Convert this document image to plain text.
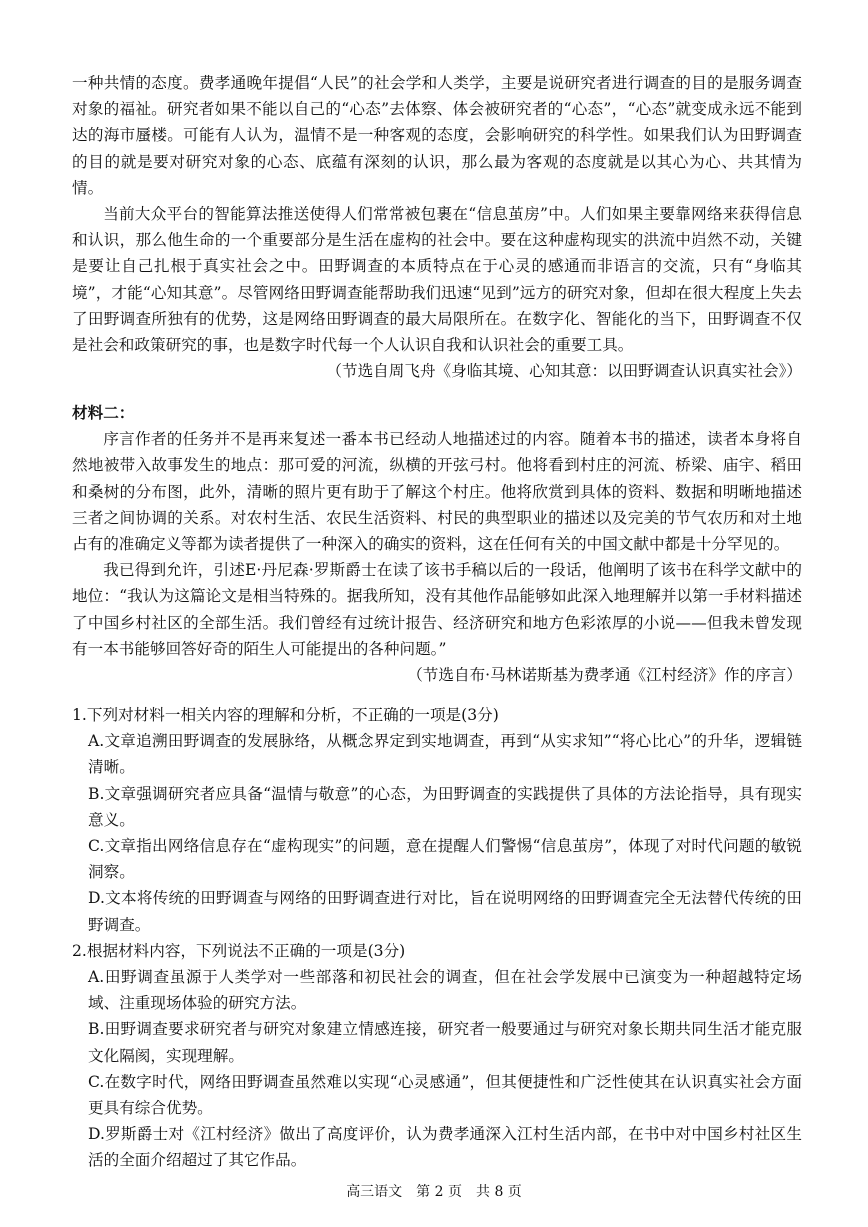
一种共情的态度。费孝通晚年提倡“人民”的社会学和人类学，主要是说研究者进行调查的目的是服务调查对象的福祉。研究者如果不能以自己的“心态”去体察、体会被研究者的“心态”，“心态”就变成永远不能到达的海市蜃楼。可能有人认为，温情不是一种客观的态度，会影响研究的科学性。如果我们认为田野调查的目的就是要对研究对象的心态、底蕴有深刻的认识，那么最为客观的态度就是以其心为心、共其情为情。

当前大众平台的智能算法推送使得人们常常被包裹在“信息茧房”中。人们如果主要靠网络来获得信息和认识，那么他生命的一个重要部分是生活在虚构的社会中。要在这种虚构现实的洪流中岿然不动，关键是要让自己扎根于真实社会之中。田野调查的本质特点在于心灵的感通而非语言的交流，只有“身临其境”，才能“心知其意”。尽管网络田野调查能帮助我们迅速“见到”远方的研究对象，但却在很大程度上失去了田野调查所独有的优势，这是网络田野调查的最大局限所在。在数字化、智能化的当下，田野调查不仅是社会和政策研究的事，也是数字时代每一个人认识自我和认识社会的重要工具。

（节选自周飞舟《身临其境、心知其意：以田野调查认识真实社会》）

材料二：

序言作者的任务并不是再来复述一番本书已经动人地描述过的内容。随着本书的描述，读者本身将自然地被带入故事发生的地点：那可爱的河流，纵横的开弦弓村。他将看到村庄的河流、桥梁、庙宇、稻田和桑树的分布图，此外，清晰的照片更有助于了解这个村庄。他将欣赏到具体的资料、数据和明晰地描述三者之间协调的关系。对农村生活、农民生活资料、村民的典型职业的描述以及完美的节气农历和对土地占有的准确定义等都为读者提供了一种深入的确实的资料，这在任何有关的中国文献中都是十分罕见的。

我已得到允许，引述E·丹尼森·罗斯爵士在读了该书手稿以后的一段话，他阐明了该书在科学文献中的地位：“我认为这篇论文是相当特殊的。据我所知，没有其他作品能够如此深入地理解并以第一手材料描述了中国乡村社区的全部生活。我们曾经有过统计报告、经济研究和地方色彩浓厚的小说——但我未曾发现有一本书能够回答好奇的陌生人可能提出的各种问题。”

（节选自布·马林诺斯基为费孝通《江村经济》作的序言）

1.下列对材料一相关内容的理解和分析，不正确的一项是(3分)

A.文章追溯田野调查的发展脉络，从概念界定到实地调查，再到“从实求知”“将心比心”的升华，逻辑链清晰。

B.文章强调研究者应具备“温情与敬意”的心态，为田野调查的实践提供了具体的方法论指导，具有现实意义。

C.文章指出网络信息存在“虚构现实”的问题，意在提醒人们警惕“信息茧房”，体现了对时代问题的敏锐洞察。

D.文本将传统的田野调查与网络的田野调查进行对比，旨在说明网络的田野调查完全无法替代传统的田野调查。

2.根据材料内容，下列说法不正确的一项是(3分)

A.田野调查虽源于人类学对一些部落和初民社会的调查，但在社会学发展中已演变为一种超越特定场域、注重现场体验的研究方法。

B.田野调查要求研究者与研究对象建立情感连接，研究者一般要通过与研究对象长期共同生活才能克服文化隔阂，实现理解。

C.在数字时代，网络田野调查虽然难以实现“心灵感通”，但其便捷性和广泛性使其在认识真实社会方面更具有综合优势。

D.罗斯爵士对《江村经济》做出了高度评价，认为费孝通深入江村生活内部，在书中对中国乡村社区生活的全面介绍超过了其它作品。

高三语文　第 2 页　共 8 页
